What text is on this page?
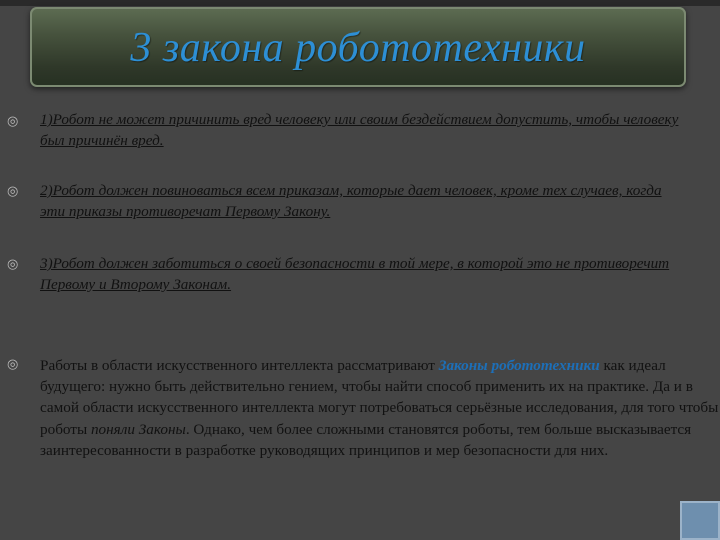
3 закона робототехники
◎ 1)Робот не может причинить вред человеку или своим бездействием допустить, чтобы человеку был причинён вред.
◎ 2)Робот должен повиноваться всем приказам, которые дает человек, кроме тех случаев, когда эти приказы противоречат Первому Закону.
◎ 3)Робот должен заботиться о своей безопасности в той мере, в которой это не противоречит Первому и Второму Законам.
◎ Работы в области искусственного интеллекта рассматривают Законы робототехники как идеал будущего: нужно быть действительно гением, чтобы найти способ применить их на практике. Да и в самой области искусственного интеллекта могут потребоваться серьёзные исследования, для того чтобы роботы поняли Законы. Однако, чем более сложными становятся роботы, тем больше высказывается заинтересованности в разработке руководящих принципов и мер безопасности для них.
